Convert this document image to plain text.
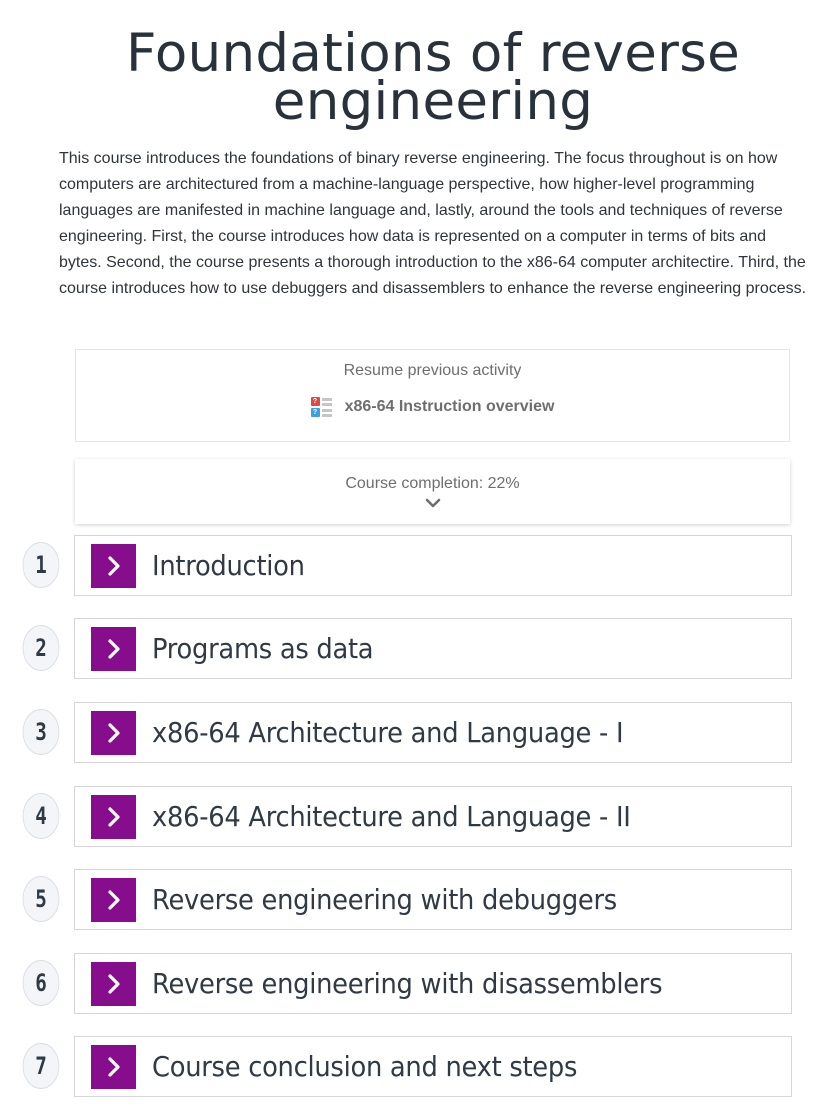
Foundations of reverse engineering

This course introduces the foundations of binary reverse engineering. The focus throughout is on how computers are architectured from a machine-language perspective, how higher-level programming languages are manifested in machine language and, lastly, around the tools and techniques of reverse engineering. First, the course introduces how data is represented on a computer in terms of bits and bytes. Second, the course presents a thorough introduction to the x86-64 computer architectire. Third, the course introduces how to use debuggers and disassemblers to enhance the reverse engineering process.

Resume previous activity
?
? x86-64 Instruction overview
Course completion: 22%
1	Introduction
2	Programs as data
3	x86-64 Architecture and Language - I
4	x86-64 Architecture and Language - II
5	Reverse engineering with debuggers
6	Reverse engineering with disassemblers
7	Course conclusion and next steps
